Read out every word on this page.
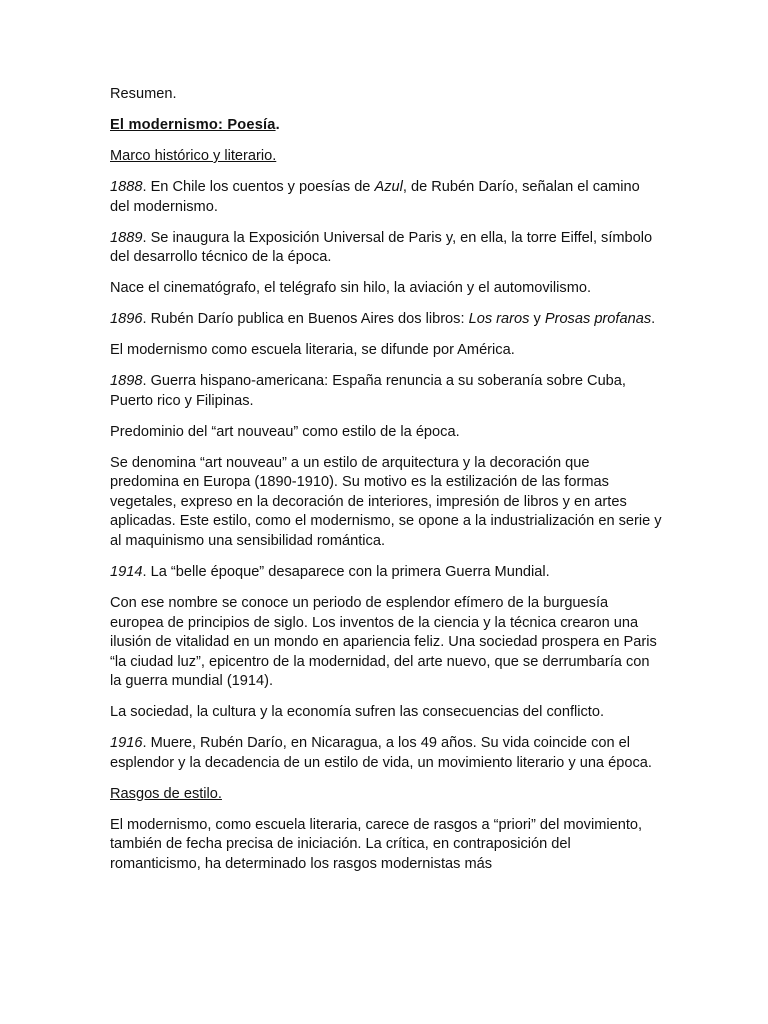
Resumen.

El modernismo: Poesía.

Marco histórico y literario.

1888. En Chile los cuentos y poesías de Azul, de Rubén Darío, señalan el camino del modernismo.

1889. Se inaugura la Exposición Universal de Paris y, en ella, la torre Eiffel, símbolo del desarrollo técnico de la época.

Nace el cinematógrafo, el telégrafo sin hilo, la aviación y el automovilismo.

1896. Rubén Darío publica en Buenos Aires dos libros: Los raros y Prosas profanas.

El modernismo como escuela literaria, se difunde por América.

1898. Guerra hispano-americana: España renuncia a su soberanía sobre Cuba, Puerto rico y Filipinas.

Predominio del “art nouveau” como estilo de la época.

Se denomina “art nouveau” a un estilo de arquitectura y la decoración que predomina en Europa (1890-1910). Su motivo es la estilización de las formas vegetales, expreso en la decoración de interiores, impresión de libros y en artes aplicadas. Este estilo, como el modernismo, se opone a la industrialización en serie y al maquinismo una sensibilidad romántica.

1914. La “belle époque” desaparece con la primera Guerra Mundial.

Con ese nombre se conoce un periodo de esplendor efímero de la burguesía europea de principios de siglo. Los inventos de la ciencia y la técnica crearon una ilusión de vitalidad en un mondo en apariencia feliz. Una sociedad prospera en Paris “la ciudad luz”, epicentro de la modernidad, del arte nuevo, que se derrumbaría con la guerra mundial (1914).

La sociedad, la cultura y la economía sufren las consecuencias del conflicto.

1916. Muere, Rubén Darío, en Nicaragua, a los 49 años. Su vida coincide con el esplendor y la decadencia de un estilo de vida, un movimiento literario y una época.

Rasgos de estilo.

El modernismo, como escuela literaria, carece de rasgos a “priori” del movimiento, también de fecha precisa de iniciación. La crítica, en contraposición del romanticismo, ha determinado los rasgos modernistas más
